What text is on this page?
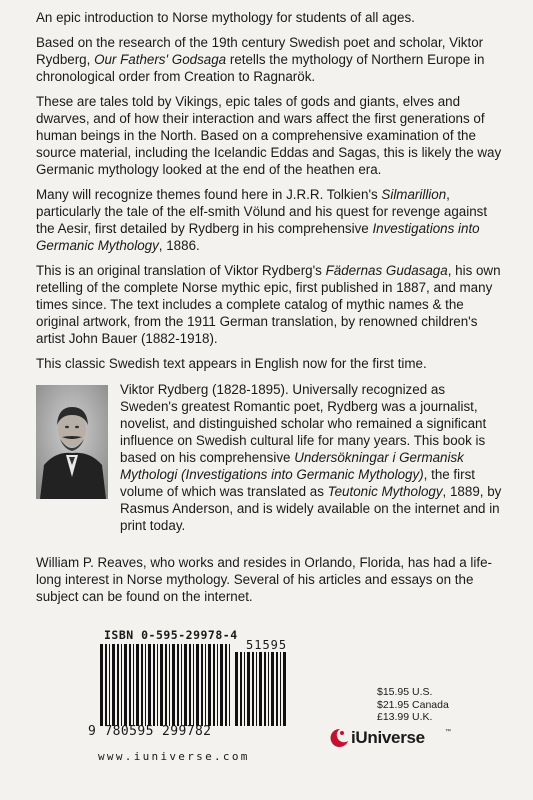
An epic introduction to Norse mythology for students of all ages.

Based on the research of the 19th century Swedish poet and scholar, Viktor Rydberg, Our Fathers' Godsaga retells the mythology of Northern Europe in chronological order from Creation to Ragnarök.

These are tales told by Vikings, epic tales of gods and giants, elves and dwarves, and of how their interaction and wars affect the first generations of human beings in the North. Based on a comprehensive examination of the source material, including the Icelandic Eddas and Sagas, this is likely the way Germanic mythology looked at the end of the heathen era.

Many will recognize themes found here in J.R.R. Tolkien's Silmarillion, particularly the tale of the elf-smith Völund and his quest for revenge against the Aesir, first detailed by Rydberg in his comprehensive Investigations into Germanic Mythology, 1886.

This is an original translation of Viktor Rydberg's Fädernas Gudasaga, his own retelling of the complete Norse mythic epic, first published in 1887, and many times since. The text includes a complete catalog of mythic names & the original artwork, from the 1911 German translation, by renowned children's artist John Bauer (1882-1918).

This classic Swedish text appears in English now for the first time.

Viktor Rydberg (1828-1895). Universally recognized as Sweden's greatest Romantic poet, Rydberg was a journalist, novelist, and distinguished scholar who remained a significant influence on Swedish cultural life for many years. This book is based on his comprehensive Undersökningar i Germanisk Mythologi (Investigations into Germanic Mythology), the first volume of which was translated as Teutonic Mythology, 1889, by Rasmus Anderson, and is widely available on the internet and in print today.

William P. Reaves, who works and resides in Orlando, Florida, has had a life-long interest in Norse mythology. Several of his articles and essays on the subject can be found on the internet.

ISBN 0-595-29978-4
51595
9 780595 299782
www.iuniverse.com
$15.95 U.S.
$21.95 Canada
£13.99 U.K.
iUniverse	™
